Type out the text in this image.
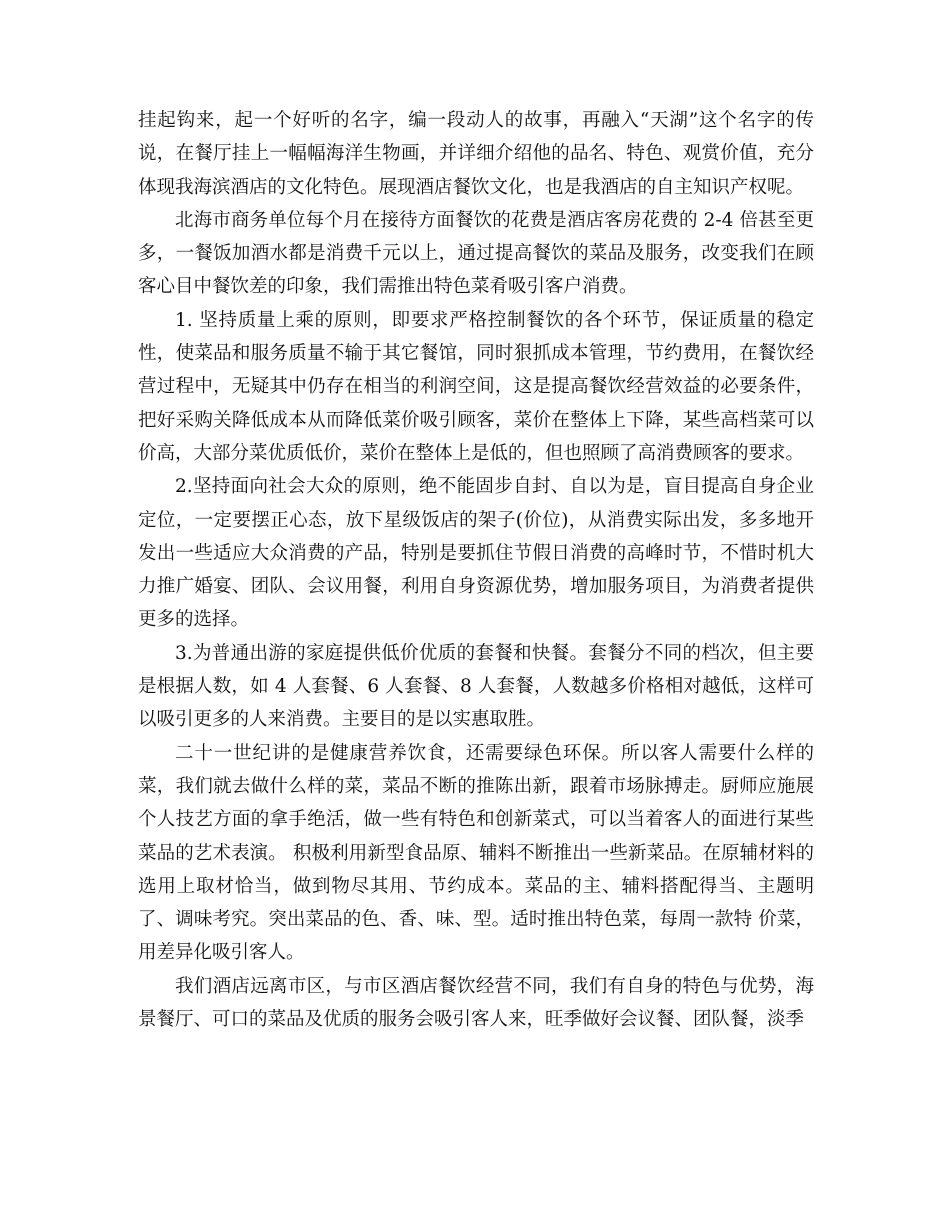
挂起钩来，起一个好听的名字，编一段动人的故事，再融入“天湖”这个名字的传说，在餐厅挂上一幅幅海洋生物画，并详细介绍他的品名、特色、观赏价值，充分体现我海滨酒店的文化特色。展现酒店餐饮文化，也是我酒店的自主知识产权呢。

北海市商务单位每个月在接待方面餐饮的花费是酒店客房花费的 2-4 倍甚至更多，一餐饭加酒水都是消费千元以上，通过提高餐饮的菜品及服务，改变我们在顾客心目中餐饮差的印象，我们需推出特色菜肴吸引客户消费。

1. 坚持质量上乘的原则，即要求严格控制餐饮的各个环节，保证质量的稳定性，使菜品和服务质量不输于其它餐馆，同时狠抓成本管理，节约费用，在餐饮经营过程中，无疑其中仍存在相当的利润空间，这是提高餐饮经营效益的必要条件，把好采购关降低成本从而降低菜价吸引顾客，菜价在整体上下降，某些高档菜可以价高，大部分菜优质低价，菜价在整体上是低的，但也照顾了高消费顾客的要求。

2.坚持面向社会大众的原则，绝不能固步自封、自以为是，盲目提高自身企业定位，一定要摆正心态，放下星级饭店的架子(价位)，从消费实际出发，多多地开发出一些适应大众消费的产品，特别是要抓住节假日消费的高峰时节，不惜时机大力推广婚宴、团队、会议用餐，利用自身资源优势，增加服务项目，为消费者提供更多的选择。

3.为普通出游的家庭提供低价优质的套餐和快餐。套餐分不同的档次，但主要是根据人数，如 4 人套餐、6 人套餐、8 人套餐，人数越多价格相对越低，这样可以吸引更多的人来消费。主要目的是以实惠取胜。

二十一世纪讲的是健康营养饮食，还需要绿色环保。所以客人需要什么样的菜，我们就去做什么样的菜，菜品不断的推陈出新，跟着市场脉搏走。厨师应施展个人技艺方面的拿手绝活，做一些有特色和创新菜式，可以当着客人的面进行某些菜品的艺术表演。 积极利用新型食品原、辅料不断推出一些新菜品。在原辅材料的选用上取材恰当，做到物尽其用、节约成本。菜品的主、辅料搭配得当、主题明了、调味考究。突出菜品的色、香、味、型。适时推出特色菜，每周一款特 价菜，用差异化吸引客人。

我们酒店远离市区，与市区酒店餐饮经营不同，我们有自身的特色与优势，海景餐厅、可口的菜品及优质的服务会吸引客人来，旺季做好会议餐、团队餐，淡季
